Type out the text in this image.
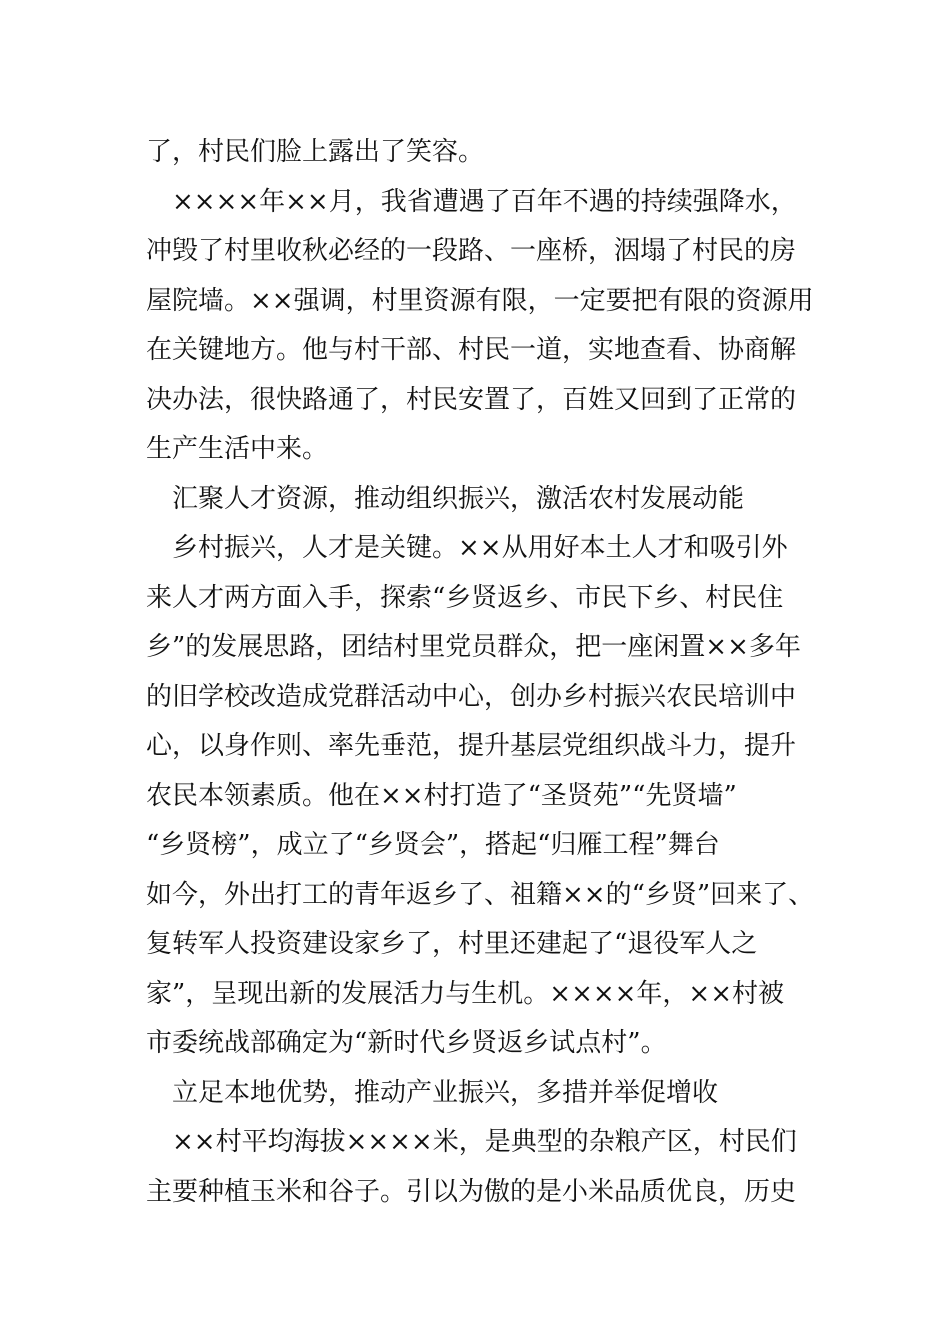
了，村民们脸上露出了笑容。
　××××年××月，我省遭遇了百年不遇的持续强降水，
冲毁了村里收秋必经的一段路、一座桥，洇塌了村民的房
屋院墙。××强调，村里资源有限，一定要把有限的资源用
在关键地方。他与村干部、村民一道，实地查看、协商解
决办法，很快路通了，村民安置了，百姓又回到了正常的
生产生活中来。
　汇聚人才资源，推动组织振兴，激活农村发展动能
　乡村振兴，人才是关键。××从用好本土人才和吸引外
来人才两方面入手，探索“乡贤返乡、市民下乡、村民住
乡”的发展思路，团结村里党员群众，把一座闲置××多年
的旧学校改造成党群活动中心，创办乡村振兴农民培训中
心，以身作则、率先垂范，提升基层党组织战斗力，提升
农民本领素质。他在××村打造了“圣贤苑”“先贤墙”
“乡贤榜”，成立了“乡贤会”，搭起“归雁工程”舞台
如今，外出打工的青年返乡了、祖籍××的“乡贤”回来了、
复转军人投资建设家乡了，村里还建起了“退役军人之
家”，呈现出新的发展活力与生机。××××年，××村被
市委统战部确定为“新时代乡贤返乡试点村”。
　立足本地优势，推动产业振兴，多措并举促增收
　××村平均海拔××××米，是典型的杂粮产区，村民们
主要种植玉米和谷子。引以为傲的是小米品质优良，历史
